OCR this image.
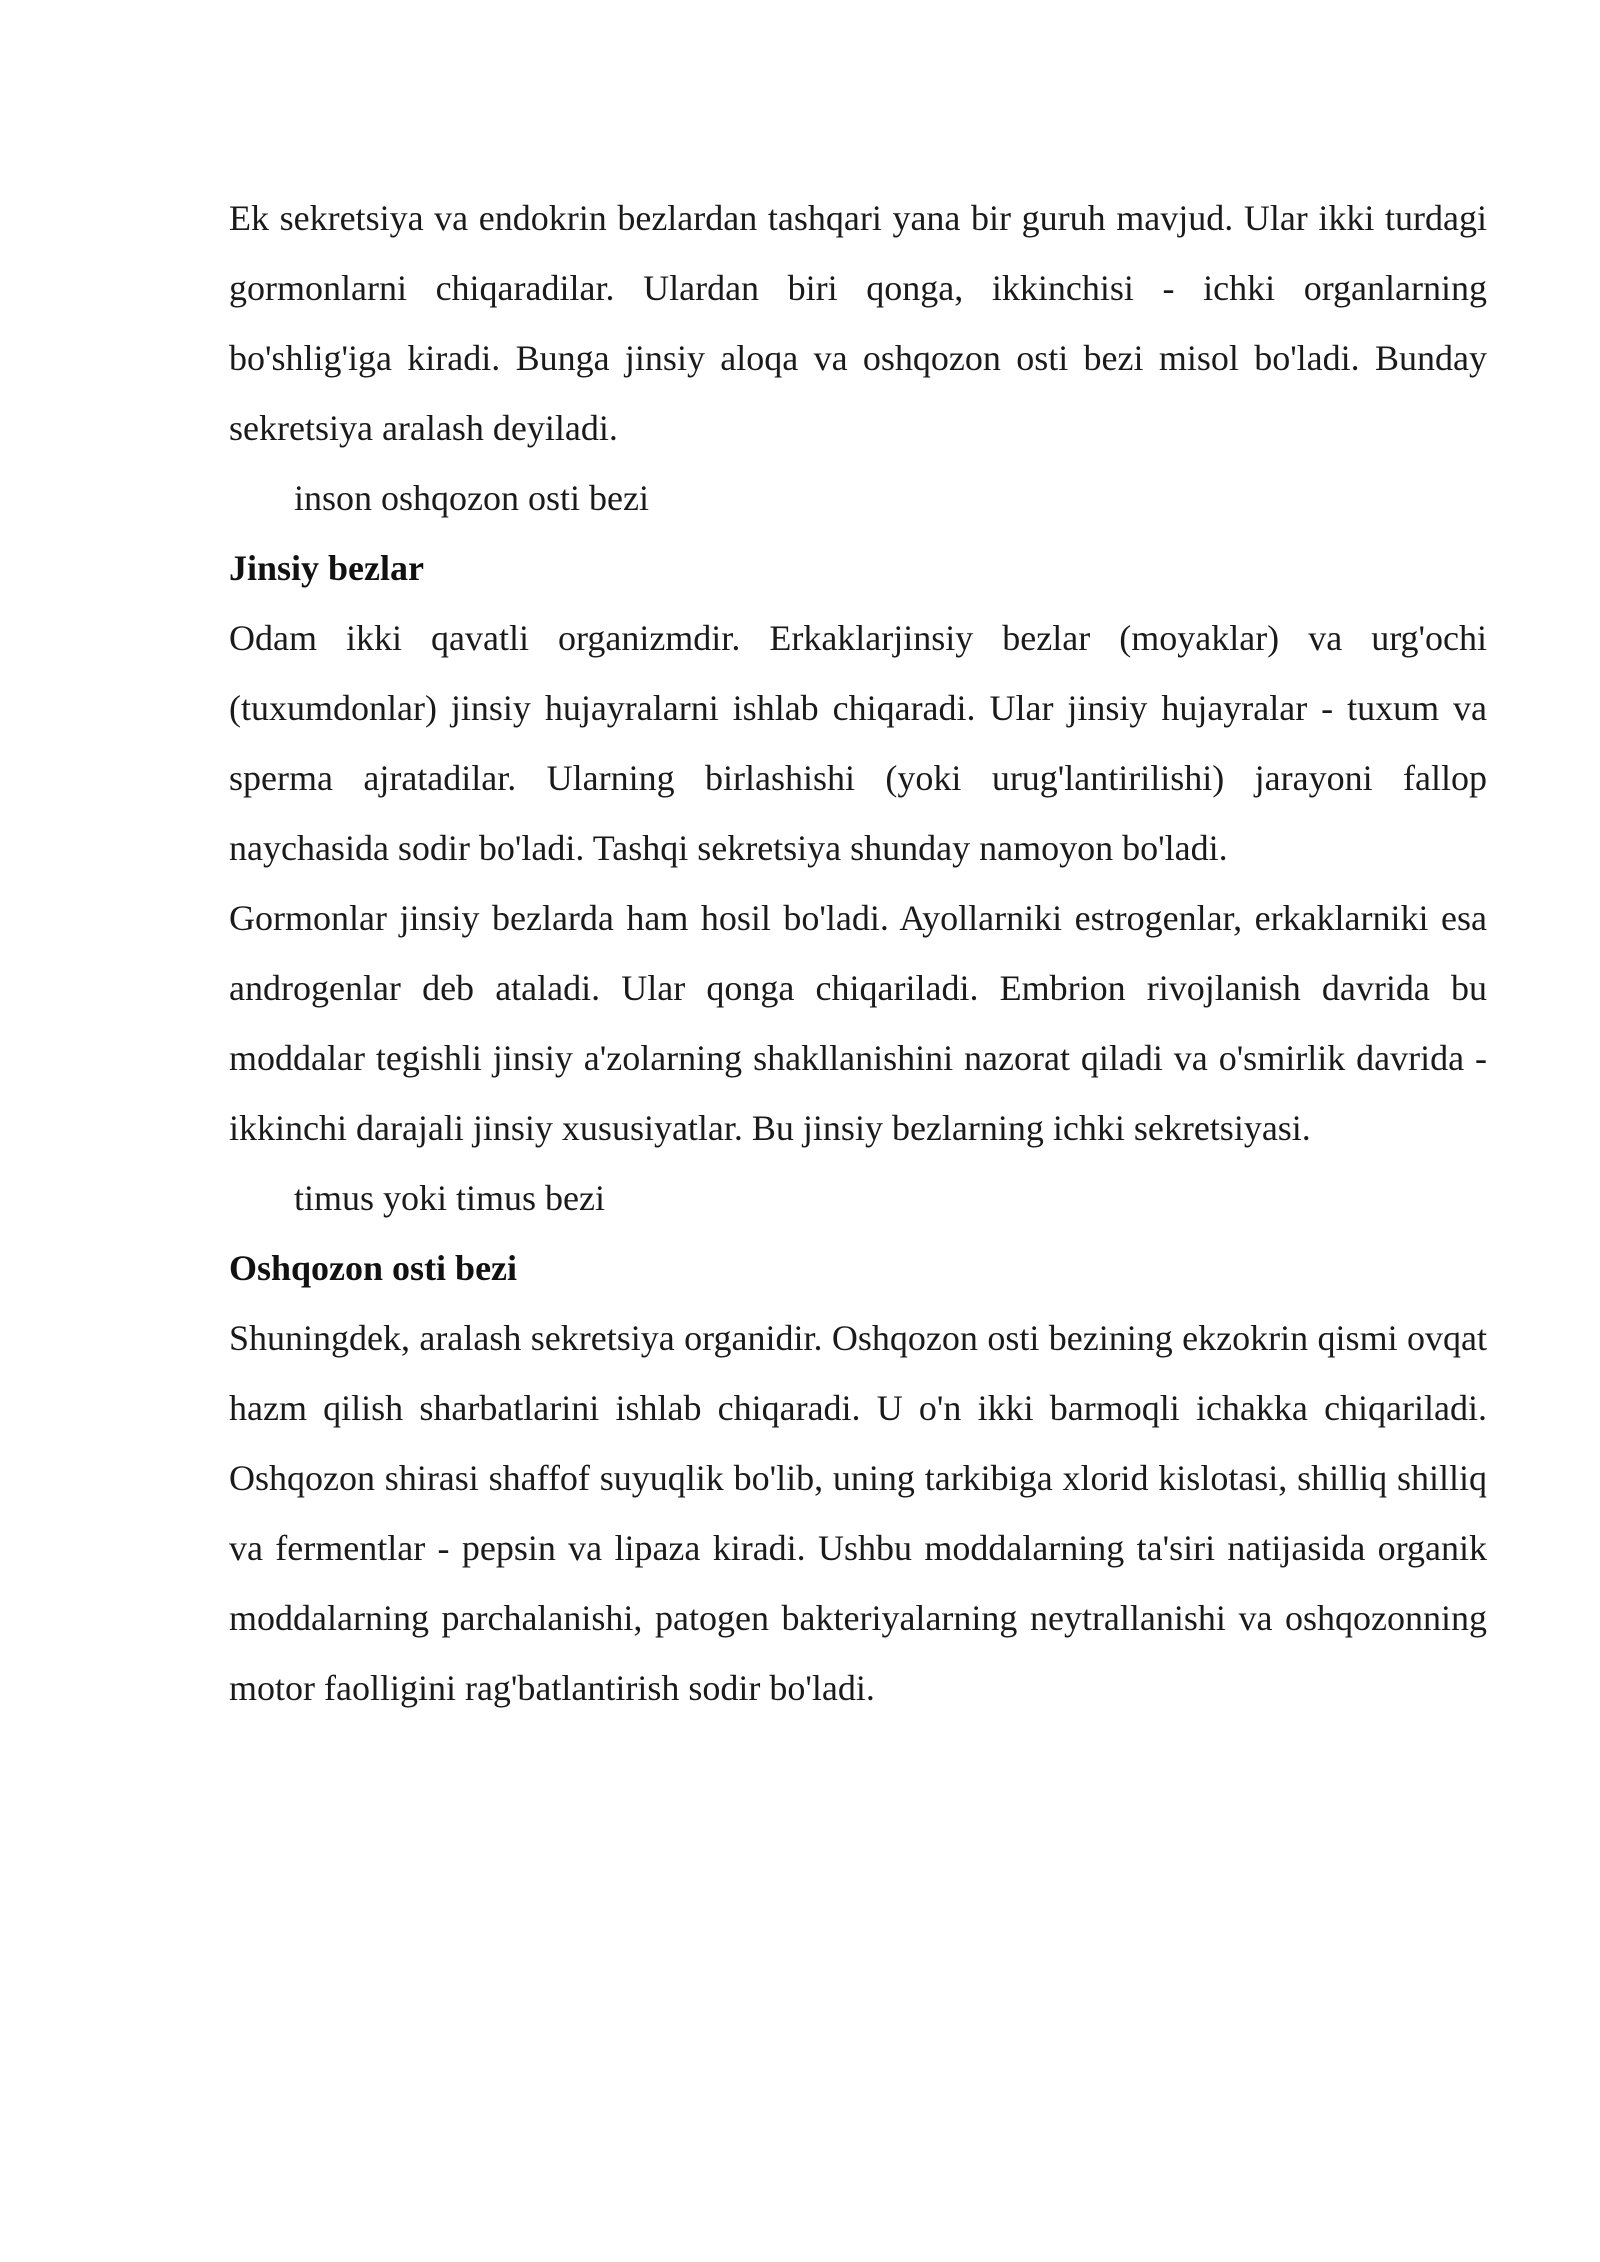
Ek sekretsiya va endokrin bezlardan tashqari yana bir guruh mavjud. Ular ikki turdagi gormonlarni chiqaradilar. Ulardan biri qonga, ikkinchisi - ichki organlarning bo'shlig'iga kiradi. Bunga jinsiy aloqa va oshqozon osti bezi misol bo'ladi. Bunday sekretsiya aralash deyiladi.

inson oshqozon osti bezi

Jinsiy bezlar

Odam ikki qavatli organizmdir. Erkaklarjinsiy bezlar (moyaklar) va urg'ochi (tuxumdonlar) jinsiy hujayralarni ishlab chiqaradi. Ular jinsiy hujayralar - tuxum va sperma ajratadilar. Ularning birlashishi (yoki urug'lantirilishi) jarayoni fallop naychasida sodir bo'ladi. Tashqi sekretsiya shunday namoyon bo'ladi.

Gormonlar jinsiy bezlarda ham hosil bo'ladi. Ayollarniki estrogenlar, erkaklarniki esa androgenlar deb ataladi. Ular qonga chiqariladi. Embrion rivojlanish davrida bu moddalar tegishli jinsiy a'zolarning shakllanishini nazorat qiladi va o'smirlik davrida - ikkinchi darajali jinsiy xususiyatlar. Bu jinsiy bezlarning ichki sekretsiyasi.

timus yoki timus bezi

Oshqozon osti bezi

Shuningdek, aralash sekretsiya organidir. Oshqozon osti bezining ekzokrin qismi ovqat hazm qilish sharbatlarini ishlab chiqaradi. U o'n ikki barmoqli ichakka chiqariladi. Oshqozon shirasi shaffof suyuqlik bo'lib, uning tarkibiga xlorid kislotasi, shilliq shilliq va fermentlar - pepsin va lipaza kiradi. Ushbu moddalarning ta'siri natijasida organik moddalarning parchalanishi, patogen bakteriyalarning neytrallanishi va oshqozonning motor faolligini rag'batlantirish sodir bo'ladi.
